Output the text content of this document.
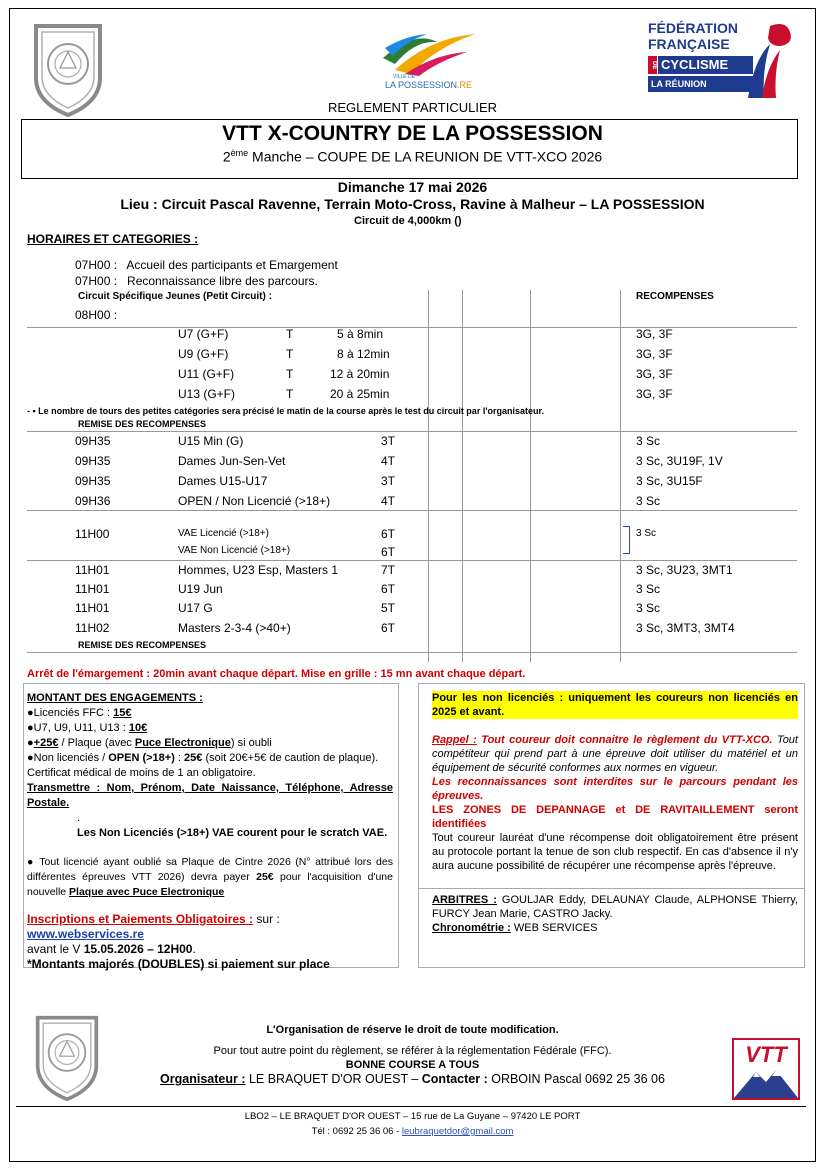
VILLE DE
LA POSSESSION.RE
FÉDÉRATION
FRANÇAISE
DE CYCLISME
LA RÉUNION
REGLEMENT PARTICULIER
VTT X-COUNTRY DE LA POSSESSION
2ème Manche – COUPE DE LA REUNION DE VTT-XCO 2026
Dimanche 17 mai 2026
Lieu : Circuit Pascal Ravenne, Terrain Moto-Cross, Ravine à Malheur – LA POSSESSION
Circuit de 4,000km ()
HORAIRES ET CATEGORIES :
07H00 : Accueil des participants et Emargement
07H00 : Reconnaissance libre des parcours.
Circuit Spécifique Jeunes (Petit Circuit) :	RECOMPENSES
08H00 :
U7 (G+F)	T	5 à 8min	3G, 3F
U9 (G+F)	T	8 à 12min	3G, 3F
U11 (G+F)	T	12 à 20min	3G, 3F
U13 (G+F)	T	20 à 25min	3G, 3F
- • Le nombre de tours des petites catégories sera précisé le matin de la course après le test du circuit par l'organisateur.
REMISE DES RECOMPENSES
09H35	U15 Min (G)	3T	3 Sc
09H35	Dames Jun-Sen-Vet	4T	3 Sc, 3U19F, 1V
09H35	Dames U15-U17	3T	3 Sc, 3U15F
09H36	OPEN / Non Licencié (>18+)	4T	3 Sc
11H00	VAE Licencié (>18+)	6T	3 Sc
VAE Non Licencié (>18+)	6T
11H01	Hommes, U23 Esp, Masters 1	7T	3 Sc, 3U23, 3MT1
11H01	U19 Jun	6T	3 Sc
11H01	U17 G	5T	3 Sc
11H02	Masters 2-3-4 (>40+)	6T	3 Sc, 3MT3, 3MT4
REMISE DES RECOMPENSES
Arrêt de l'émargement : 20min avant chaque départ. Mise en grille : 15 mn avant chaque départ.
MONTANT DES ENGAGEMENTS :
●Licenciés FFC : 15€
●U7, U9, U11, U13 : 10€
●+25€ / Plaque (avec Puce Electronique) si oubli
●Non licenciés / OPEN (>18+) : 25€ (soit 20€+5€ de caution de plaque).
Certificat médical de moins de 1 an obligatoire.
Transmettre : Nom, Prénom, Date Naissance, Téléphone, Adresse Postale.
.
Les Non Licenciés (>18+) VAE courent pour le scratch VAE.
● Tout licencié ayant oublié sa Plaque de Cintre 2026 (N° attribué lors des différentes épreuves VTT 2026) devra payer 25€ pour l'acquisition d'une nouvelle Plaque avec Puce Electronique
Inscriptions et Paiements Obligatoires : sur : www.webservices.re
avant le V 15.05.2026 – 12H00.
*Montants majorés (DOUBLES) si paiement sur place
Pour les non licenciés : uniquement les coureurs non licenciés en 2025 et avant.
Rappel : Tout coureur doit connaitre le règlement du VTT-XCO. Tout compétiteur qui prend part à une épreuve doit utiliser du matériel et un équipement de sécurité conformes aux normes en vigueur.
Les reconnaissances sont interdites sur le parcours pendant les épreuves.
LES ZONES DE DEPANNAGE et DE RAVITAILLEMENT seront identifiées
Tout coureur lauréat d'une récompense doit obligatoirement être présent au protocole portant la tenue de son club respectif. En cas d'absence il n'y aura aucune possibilité de récupérer une récompense après l'épreuve.
ARBITRES : GOULJAR Eddy, DELAUNAY Claude, ALPHONSE Thierry, FURCY Jean Marie, CASTRO Jacky.
Chronométrie : WEB SERVICES
L'Organisation de réserve le droit de toute modification.
Pour tout autre point du règlement, se référer à la réglementation Fédérale (FFC).
BONNE COURSE A TOUS
Organisateur : LE BRAQUET D'OR OUEST – Contacter : ORBOIN Pascal 0692 25 36 06
VTT
LBO2 – LE BRAQUET D'OR OUEST – 15 rue de La Guyane – 97420 LE PORT
Tél : 0692 25 36 06 - leubraquetdor@gmail.com
